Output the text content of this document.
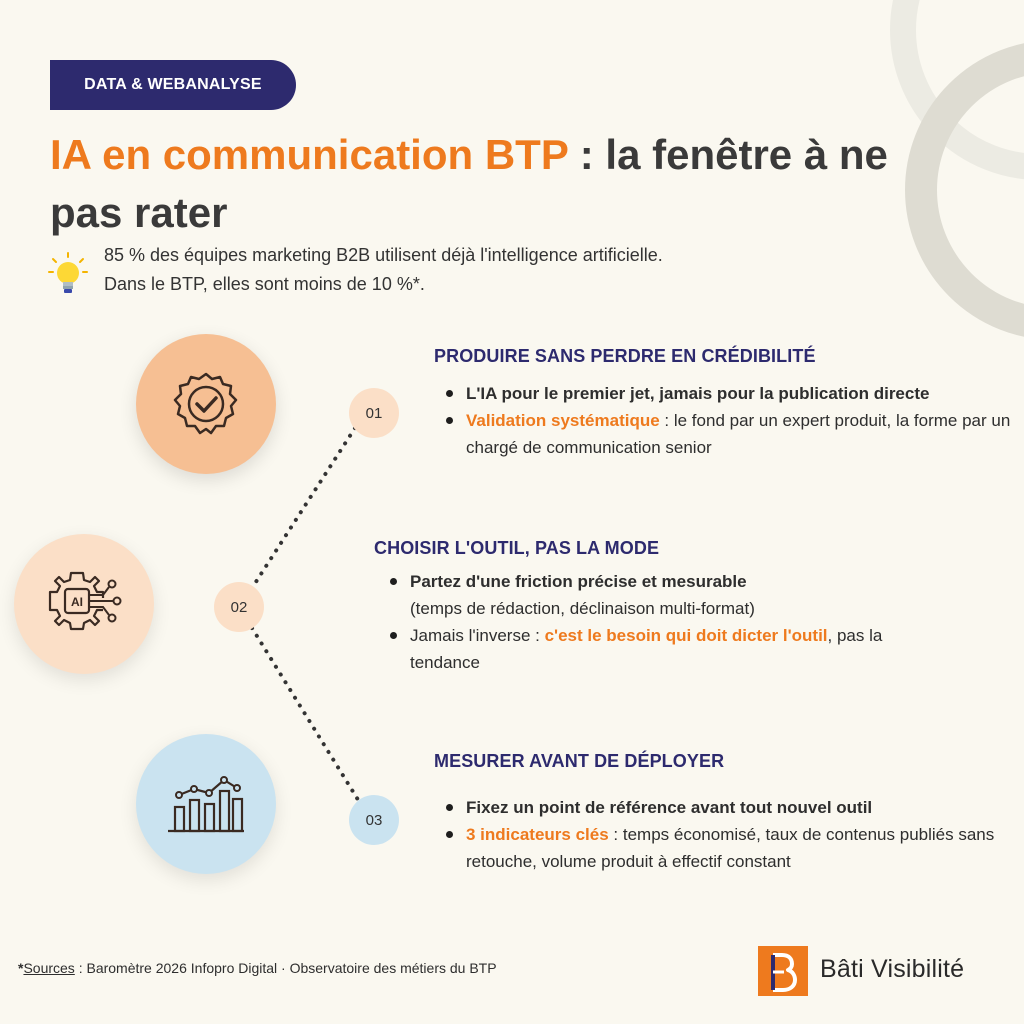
DATA & WEBANALYSE
IA en communication BTP : la fenêtre à ne pas rater
85 % des équipes marketing B2B utilisent déjà l'intelligence artificielle.
Dans le BTP, elles sont moins de 10 %*.
AI
01
02
03
PRODUIRE SANS PERDRE EN CRÉDIBILITÉ
L'IA pour le premier jet, jamais pour la publication directe
Validation systématique : le fond par un expert produit, la forme par un chargé de communication senior
CHOISIR L'OUTIL, PAS LA MODE
Partez d'une friction précise et mesurable
(temps de rédaction, déclinaison multi-format)
Jamais l'inverse : c'est le besoin qui doit dicter l'outil, pas la tendance
MESURER AVANT DE DÉPLOYER
Fixez un point de référence avant tout nouvel outil
3 indicateurs clés : temps économisé, taux de contenus publiés sans retouche, volume produit à effectif constant
*Sources : Baromètre 2026 Infopro Digital · Observatoire des métiers du BTP	Bâti Visibilité
